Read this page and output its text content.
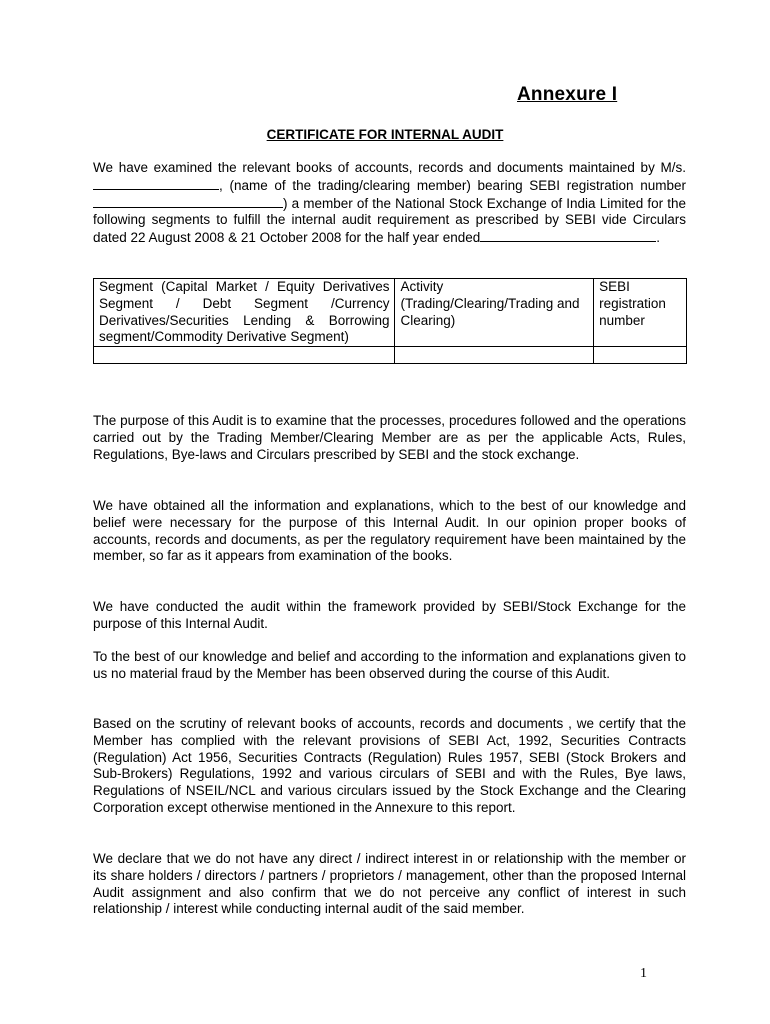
Annexure I
CERTIFICATE FOR INTERNAL AUDIT

We have examined the relevant books of accounts, records and documents maintained by M/s. , (name of the trading/clearing member) bearing SEBI registration number ) a member of the National Stock Exchange of India Limited for the following segments to fulfill the internal audit requirement as prescribed by SEBI vide Circulars dated 22 August 2008 & 21 October 2008 for the half year ended	.

Segment (Capital Market / Equity Derivatives Segment / Debt Segment /Currency Derivatives/Securities Lending & Borrowing segment/Commodity Derivative Segment)	Activity (Trading/Clearing/Trading and Clearing)	SEBI registration number

The purpose of this Audit is to examine that the processes, procedures followed and the operations carried out by the Trading Member/Clearing Member are as per the applicable Acts, Rules, Regulations, Bye-laws and Circulars prescribed by SEBI and the stock exchange.

We have obtained all the information and explanations, which to the best of our knowledge and belief were necessary for the purpose of this Internal Audit. In our opinion proper books of accounts, records and documents, as per the regulatory requirement have been maintained by the member, so far as it appears from examination of the books.

We have conducted the audit within the framework provided by SEBI/Stock Exchange for the purpose of this Internal Audit.

To the best of our knowledge and belief and according to the information and explanations given to us no material fraud by the Member has been observed during the course of this Audit.

Based on the scrutiny of relevant books of accounts, records and documents , we certify that the Member has complied with the relevant provisions of SEBI Act, 1992, Securities Contracts (Regulation) Act 1956, Securities Contracts (Regulation) Rules 1957, SEBI (Stock Brokers and Sub-Brokers) Regulations, 1992 and various circulars of SEBI and with the Rules, Bye laws, Regulations of NSEIL/NCL and various circulars issued by the Stock Exchange and the Clearing Corporation except otherwise mentioned in the Annexure to this report.

We declare that we do not have any direct / indirect interest in or relationship with the member or its share holders / directors / partners / proprietors / management, other than the proposed Internal Audit assignment and also confirm that we do not perceive any conflict of interest in such relationship / interest while conducting internal audit of the said member.

1
